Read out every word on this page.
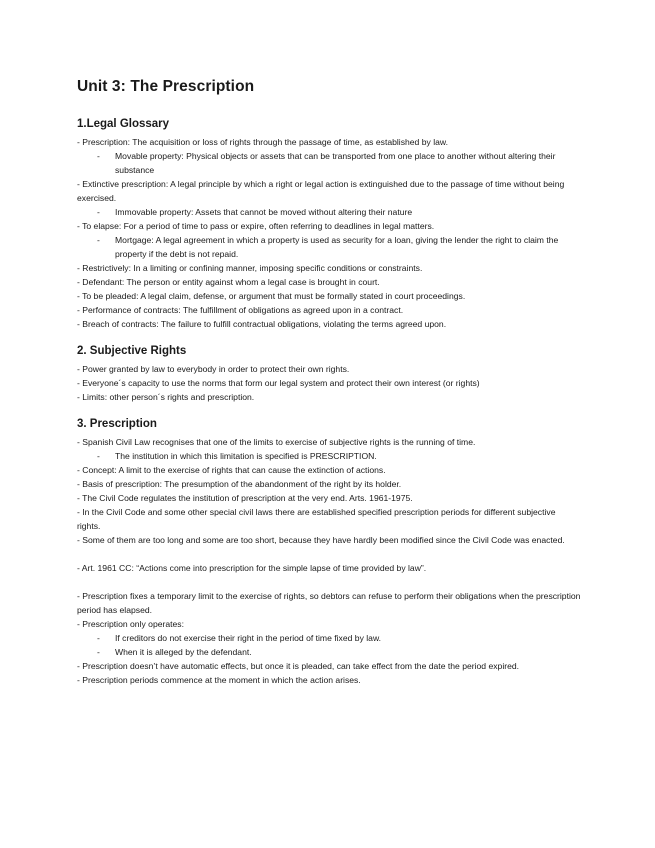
Unit 3: The Prescription
1.Legal Glossary

- Prescription: The acquisition or loss of rights through the passage of time, as established by law.

- Movable property: Physical objects or assets that can be transported from one place to another without altering their substance

- Extinctive prescription: A legal principle by which a right or legal action is extinguished due to the passage of time without being exercised.

- Immovable property: Assets that cannot be moved without altering their nature

- To elapse: For a period of time to pass or expire, often referring to deadlines in legal matters.

- Mortgage: A legal agreement in which a property is used as security for a loan, giving the lender the right to claim the property if the debt is not repaid.

- Restrictively: In a limiting or confining manner, imposing specific conditions or constraints.

- Defendant: The person or entity against whom a legal case is brought in court.

- To be pleaded: A legal claim, defense, or argument that must be formally stated in court proceedings.

- Performance of contracts: The fulfillment of obligations as agreed upon in a contract.

- Breach of contracts: The failure to fulfill contractual obligations, violating the terms agreed upon.

2. Subjective Rights

- Power granted by law to everybody in order to protect their own rights.

- Everyone´s capacity to use the norms that form our legal system and protect their own interest (or rights)

- Limits: other person´s rights and prescription.

3. Prescription

- Spanish Civil Law recognises that one of the limits to exercise of subjective rights is the running of time.

- The institution in which this limitation is specified is PRESCRIPTION.

- Concept: A limit to the exercise of rights that can cause the extinction of actions.

- Basis of prescription: The presumption of the abandonment of the right by its holder.

- The Civil Code regulates the institution of prescription at the very end. Arts. 1961-1975.

- In the Civil Code and some other special civil laws there are established specified prescription periods for different subjective rights.

- Some of them are too long and some are too short, because they have hardly been modified since the Civil Code was enacted.

- Art. 1961 CC: “Actions come into prescription for the simple lapse of time provided by law”.

- Prescription fixes a temporary limit to the exercise of rights, so debtors can refuse to perform their obligations when the prescription period has elapsed.

- Prescription only operates:

- If creditors do not exercise their right in the period of time fixed by law.

- When it is alleged by the defendant.

- Prescription doesn’t have automatic effects, but once it is pleaded, can take effect from the date the period expired.

- Prescription periods commence at the moment in which the action arises.
